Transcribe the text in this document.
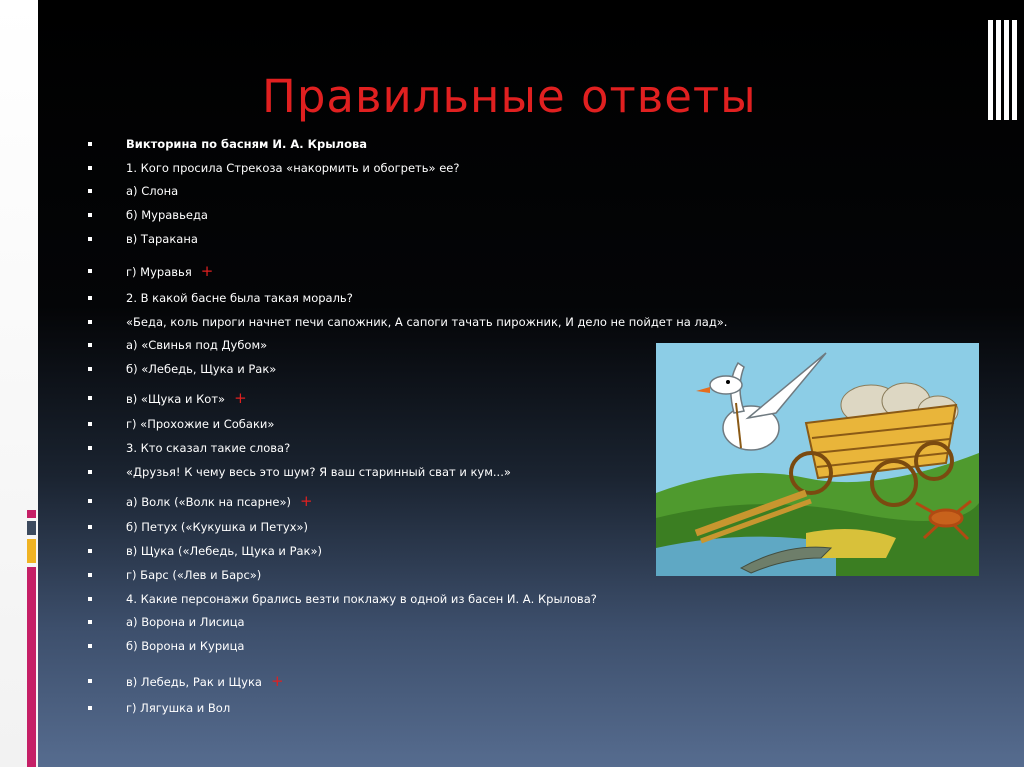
Правильные ответы
Викторина по басням И. А. Крылова
1. Кого просила Стрекоза «накормить и обогреть» ее?
а) Слона
б) Муравьеда
в) Таракана
г) Муравья +
2. В какой басне была такая мораль?
«Беда, коль пироги начнет печи сапожник, А сапоги тачать пирожник, И дело не пойдет на лад».
а) «Свинья под Дубом»
б) «Лебедь, Щука и Рак»
в) «Щука и Кот» +
г) «Прохожие и Собаки»
3. Кто сказал такие слова?
«Друзья! К чему весь это шум? Я ваш старинный сват и кум...»
а) Волк («Волк на псарне») +
б) Петух («Кукушка и Петух»)
в) Щука («Лебедь, Щука и Рак»)
г) Барс («Лев и Барс»)
4. Какие персонажи брались везти поклажу в одной из басен И. А. Крылова?
а) Ворона и Лисица
б) Ворона и Курица
в) Лебедь, Рак и Щука +
г) Лягушка и Вол
